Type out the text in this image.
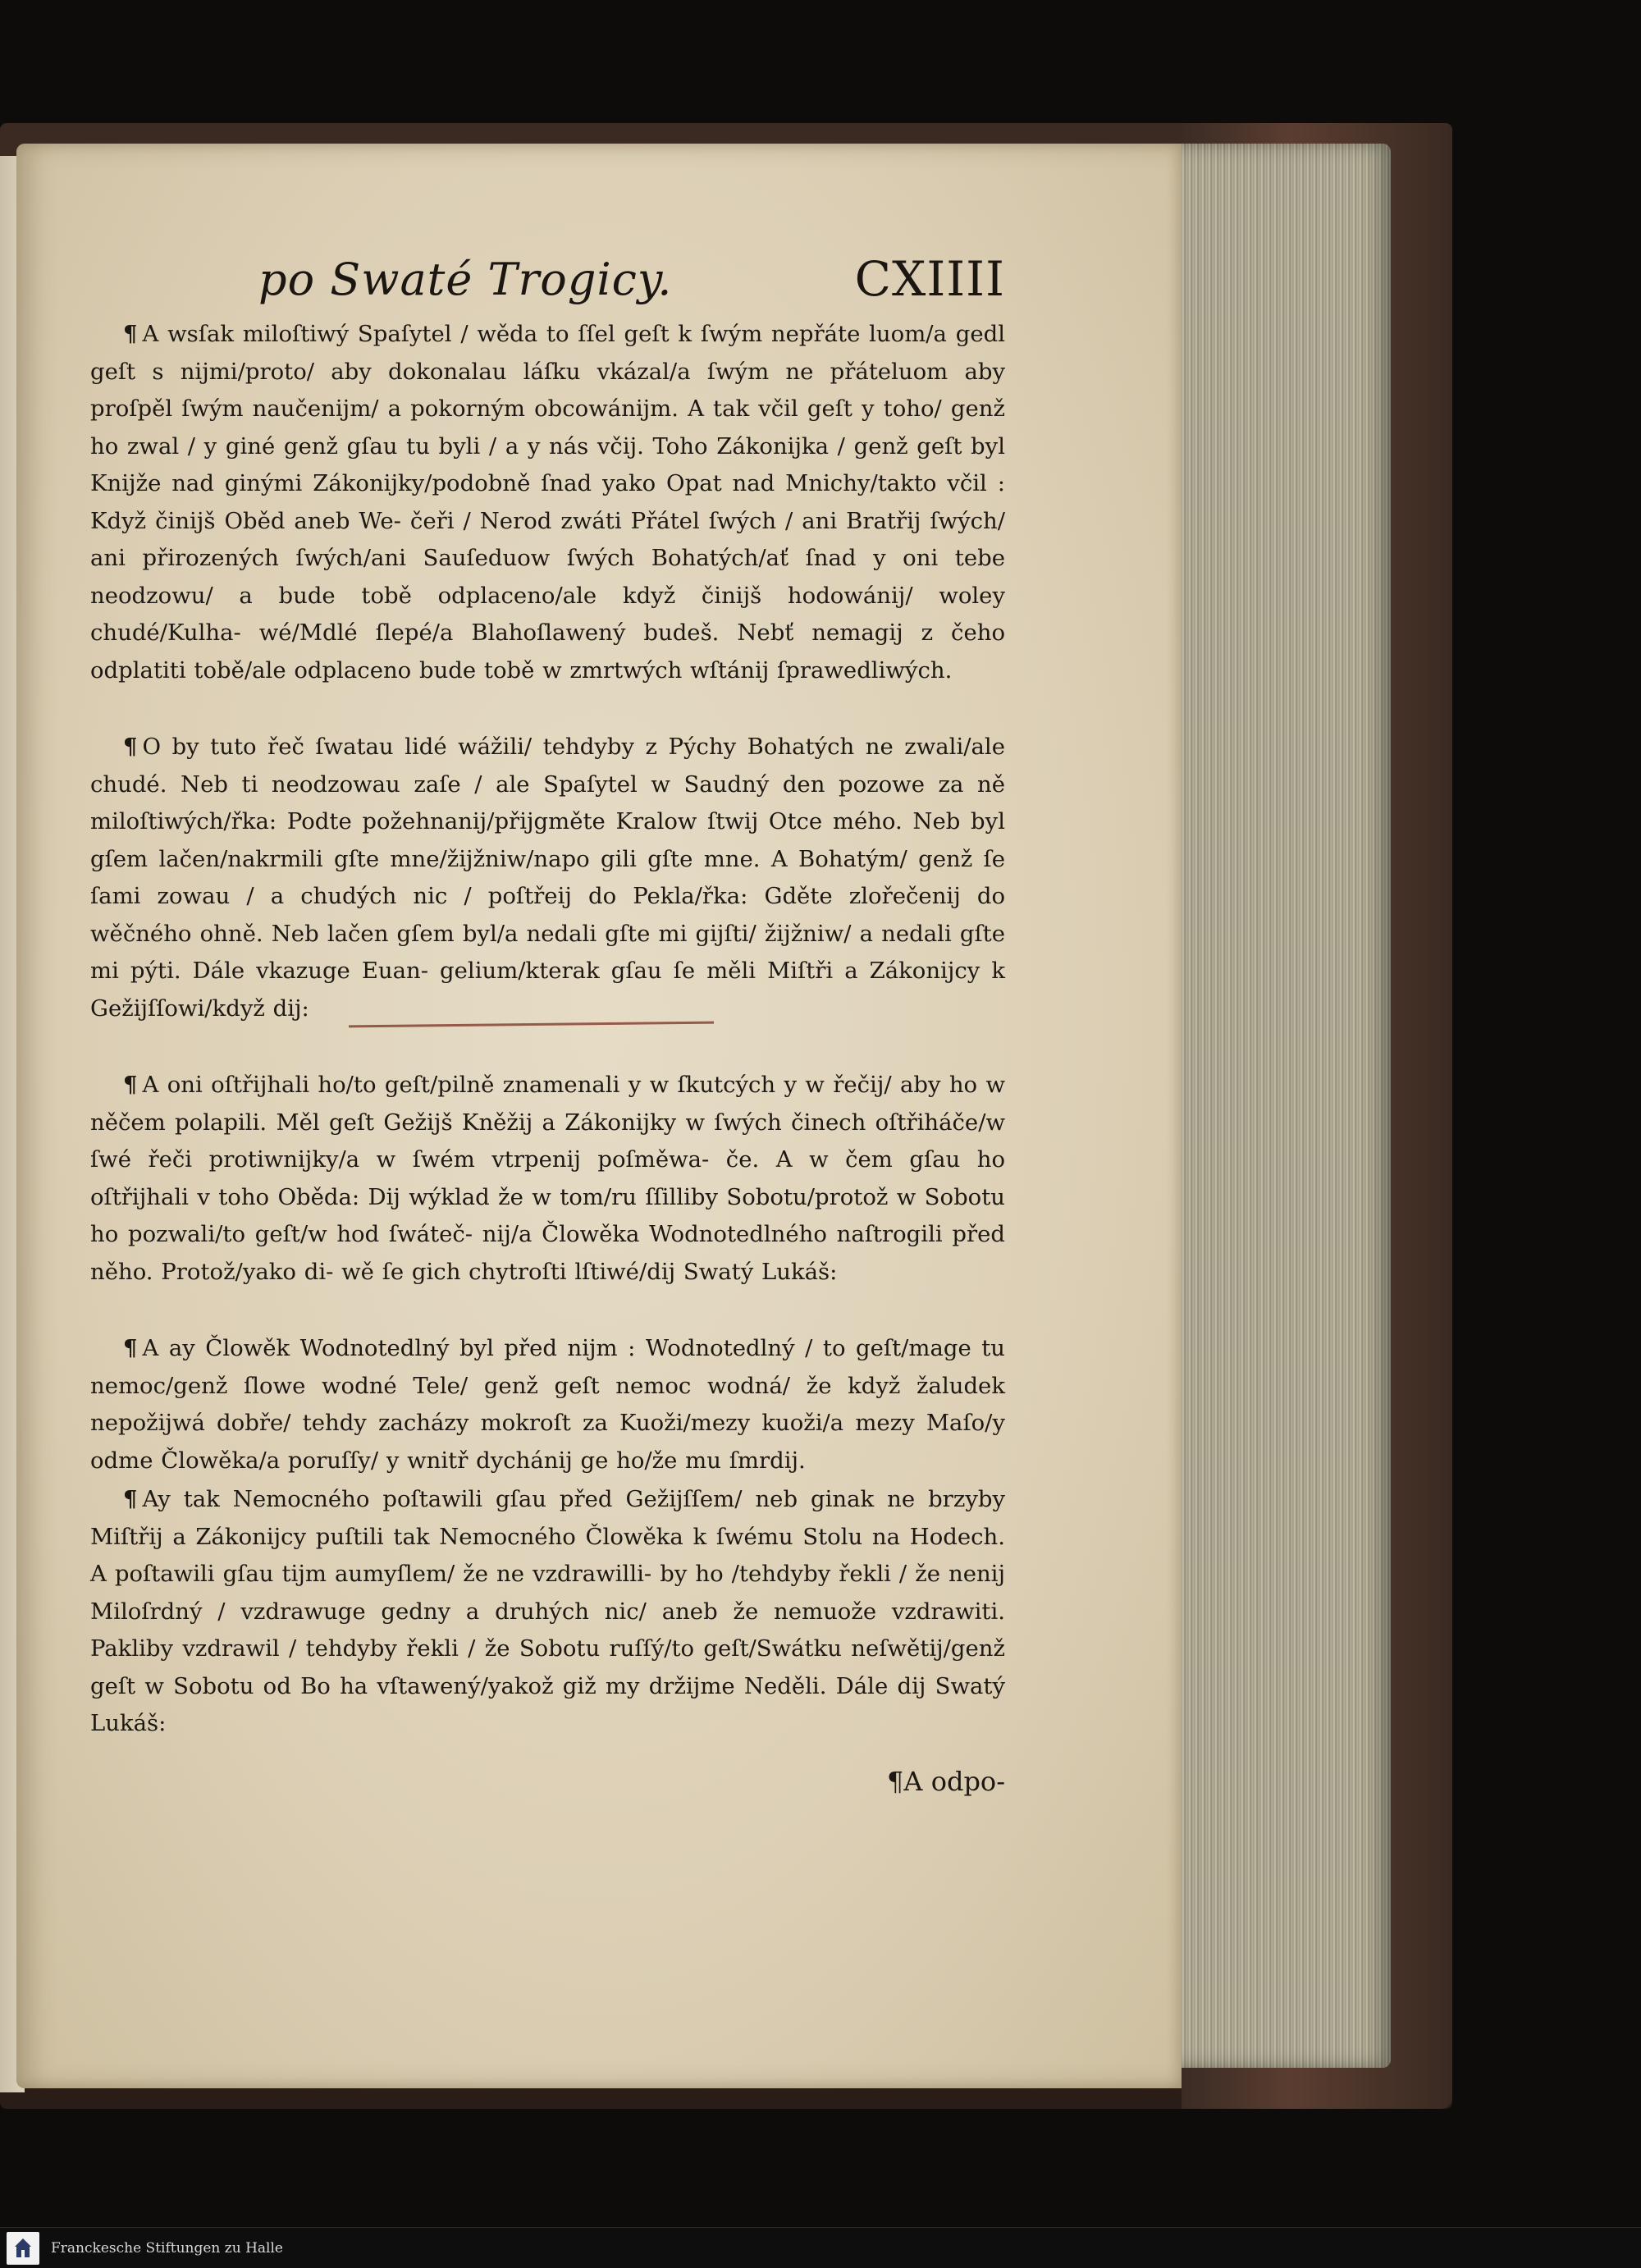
po Swaté Trogicy.	CXIIII

¶ A wsſak miloſtiwý Spaſytel / wěda to ſſel geſt k ſwým nepřáte luom/a gedl geſt s nijmi/proto/ aby dokonalau láſku vkázal/a ſwým ne přáteluom aby proſpěl ſwým naučenijm/ a pokorným obcowánijm. A tak včil geſt y toho/ genž ho zwal / y giné genž gſau tu byli / a y nás včij. Toho Zákonijka / genž geſt byl Knijže nad ginými Zákonijky/podobně ſnad yako Opat nad Mnichy/takto včil : Když činijš Oběd aneb We- čeři / Nerod zwáti Přátel ſwých / ani Bratřij ſwých/ ani přirozených ſwých/ani Sauſeduow ſwých Bohatých/ať ſnad y oni tebe neodzowu/ a bude tobě odplaceno/ale když činijš hodowánij/ woley chudé/Kulha- wé/Mdlé ſlepé/a Blahoſlawený budeš. Nebť nemagij z čeho odplatiti tobě/ale odplaceno bude tobě w zmrtwých wſtánij ſprawedliwých.

¶ O by tuto řeč ſwatau lidé wážili/ tehdyby z Pýchy Bohatých ne zwali/ale chudé. Neb ti neodzowau zaſe / ale Spaſytel w Saudný den pozowe za ně miloſtiwých/řka: Podte požehnanij/přijgměte Kralow ſtwij Otce mého. Neb byl gſem lačen/nakrmili gſte mne/žijžniw/napo gili gſte mne. A Bohatým/ genž ſe ſami zowau / a chudých nic / poſtřeij do Pekla/řka: Gděte zlořečenij do wěčného ohně. Neb lačen gſem byl/a nedali gſte mi gijſti/ žijžniw/ a nedali gſte mi pýti. Dále vkazuge Euan- gelium/kterak gſau ſe měli Miſtři a Zákonijcy k Gežijſſowi/když dij:

¶ A oni oſtřijhali ho/to geſt/pilně znamenali y w ſkutcých y w řečij/ aby ho w něčem polapili. Měl geſt Gežijš Kněžij a Zákonijky w ſwých činech oſtřiháče/w ſwé řeči protiwnijky/a w ſwém vtrpenij poſměwa- če. A w čem gſau ho oſtřijhali v toho Oběda: Dij wýklad že w tom/ru ſſilliby Sobotu/protož w Sobotu ho pozwali/to geſt/w hod ſwáteč- nij/a Člowěka Wodnotedlného naſtrogili před něho. Protož/yako di- wě ſe gich chytroſti lſtiwé/dij Swatý Lukáš:

¶ A ay Člowěk Wodnotedlný byl před nijm : Wodnotedlný / to geſt/mage tu nemoc/genž ſlowe wodné Tele/ genž geſt nemoc wodná/ že když žaludek nepožijwá dobře/ tehdy zacházy mokroſt za Kuoži/mezy kuoži/a mezy Maſo/y odme Člowěka/a poruſſy/ y wnitř dychánij ge ho/že mu ſmrdij.

¶ Ay tak Nemocného poſtawili gſau před Gežijſſem/ neb ginak ne brzyby Miſtřij a Zákonijcy puſtili tak Nemocného Člowěka k ſwému Stolu na Hodech. A poſtawili gſau tijm aumyſlem/ že ne vzdrawilli- by ho /tehdyby řekli / že nenij Miloſrdný / vzdrawuge gedny a druhých nic/ aneb že nemuože vzdrawiti. Pakliby vzdrawil / tehdyby řekli / že Sobotu ruſſý/to geſt/Swátku neſwětij/genž geſt w Sobotu od Bo ha vſtawený/yakož giž my držijme Neděli. Dále dij Swatý Lukáš:

¶A odpo-
Franckesche Stiftungen zu Halle
